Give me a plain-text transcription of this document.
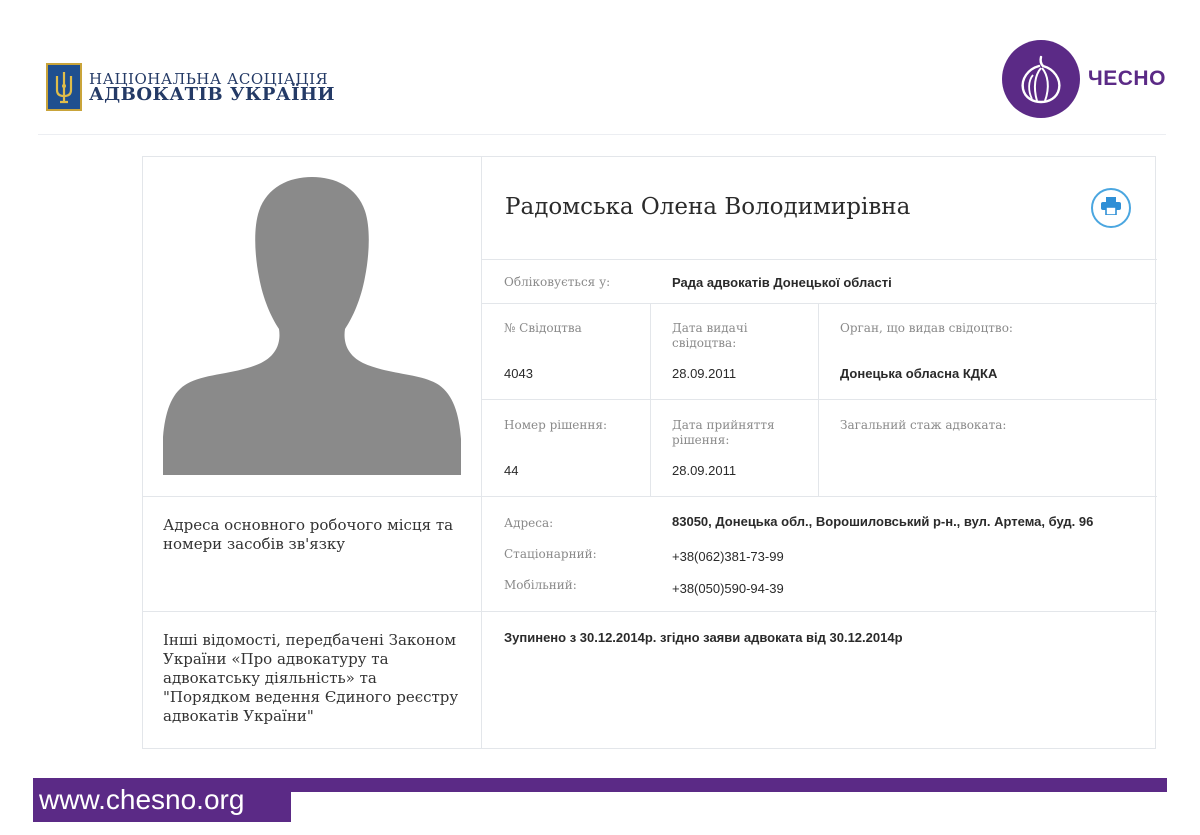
НАЦІОНАЛЬНА АСОЦІАЦІЯ
АДВОКАТІВ УКРАЇНИ
ЧЕСНО
Радомська Олена Володимирівна
Обліковується у:	Рада адвокатів Донецької області
№ Свідоцтва
4043
Дата видачі свідоцтва:
28.09.2011
Орган, що видав свідоцтво:
Донецька обласна КДКА
Номер рішення:
44
Дата прийняття рішення:
28.09.2011
Загальний стаж адвоката:
Адреса основного робочого місця та номери засобів зв'язку
Адреса:	83050, Донецька обл., Ворошиловський р-н., вул. Артема, буд. 96
Стаціонарний:	+38(062)381-73-99
Мобільний:	+38(050)590-94-39
Інші відомості, передбачені Законом України «Про адвокатуру та адвокатську діяльність» та "Порядком ведення Єдиного реєстру адвокатів України"
Зупинено з 30.12.2014р. згідно заяви адвоката від 30.12.2014р
www.chesno.org
